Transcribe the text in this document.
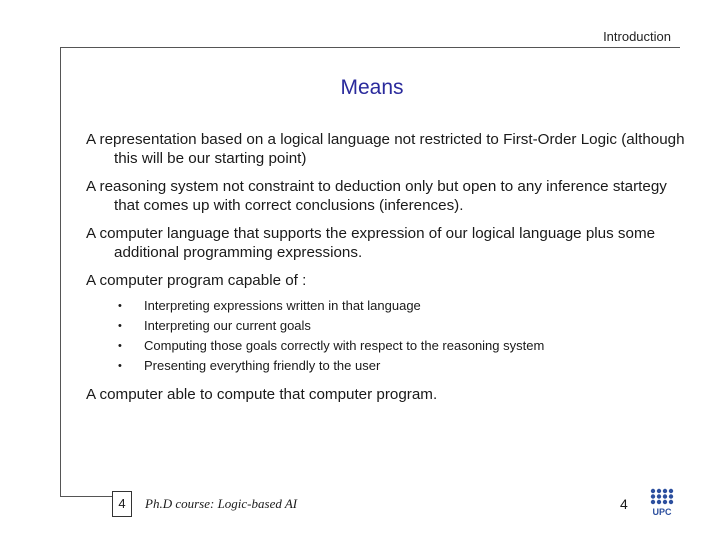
Introduction
Means

A representation based on a logical language not restricted to First-Order Logic (although this will be our starting point)

A reasoning system not constraint to deduction only but open to any inference startegy that comes up with correct conclusions (inferences).

A computer language that supports the expression of our logical language plus some additional programming expressions.

A computer program capable of :

• Interpreting expressions written in that language
• Interpreting our current goals
• Computing those goals correctly with respect to the reasoning system
• Presenting everything friendly to the user

A computer able to compute that computer program.

4	Ph.D course: Logic-based AI	4	UPC
